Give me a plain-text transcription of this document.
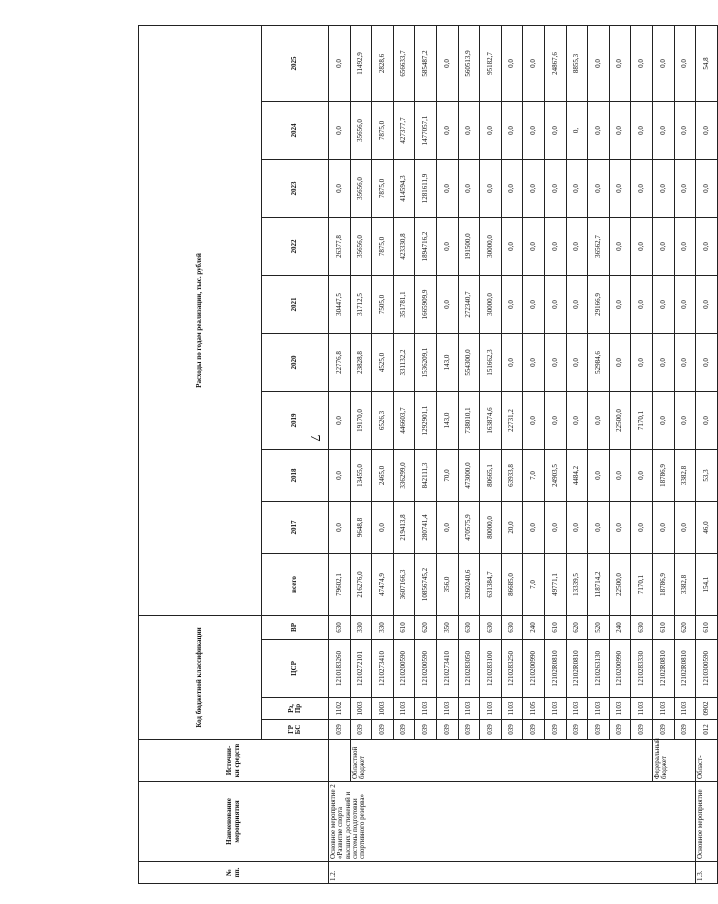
7
№ пп.	Наименование мероприятия	Источни-ки средств	Код бюджетной классификации				Расходы по годам реализации, тыс. рублей									
			ГР БС	Рз, Пр	ЦСР	ВР	всего	2017	2018	2019	2020	2021	2022	2023	2024	2025
1.2.	Основное мероприятие 2 «Развитие спорта высших достижений и системы подготовки спортивного резерва»		039	1102	1210183260	630	79602,1	0,0	0,0	0,0	22776,8	30447,5	26377,8	0,0	0,0	0,0
		Областной бюджет	039	1003	1210272101	330	216276,0	9648,8	13455,0	19170,0	23828,8	31712,5	35656,0	35656,0	35656,0	11492,9
			039	1003	1210273410	330	47474,9	0,0	2465,0	6526,3	4525,0	7505,0	7875,0	7875,0	7875,0	2828,6
			039	1103	1210200590	610	3607166,3	219413,8	336299,0	446603,7	331132,2	351781,1	423330,8	414594,3	427377,7	656633,7
			039	1103	1210200590	620	10856745,2	280741,4	842111,3	1292901,1	1536209,1	1665909,9	1894716,2	1281611,9	1477057,1	585487,2
			039	1103	1210273410	350	356,0	0,0	70,0	143,0	143,0	0,0	0,0	0,0	0,0	0,0
			039	1103	1210283050	630	3260240,6	470575,9	473000,0	738010,1	554300,0	272340,7	191500,0	0,0	0,0	560513,9
			039	1103	1210283100	630	631384,7	80000,0	80665,1	163874,6	151662,3	30000,0	30000,0	0,0	0,0	95182,7
			039	1103	1210283250	630	86685,0	20,0	63933,8	22731,2	0,0	0,0	0,0	0,0	0,0	0,0
			039	1105	1210200990	240	7,0	0,0	7,0	0,0	0,0	0,0	0,0	0,0	0,0	0,0
			039	1103	12102R0810	610	49771,1	0,0	24903,5	0,0	0,0	0,0	0,0	0,0	0,0	24867,6
			039	1103	12102R0810	620	13339,5	0,0	4484,2	0,0	0,0	0,0	0,0	0,0	0,	8855,3
			039	1103	1210263130	520	118714,2	0,0	0,0	0,0	52984,6	29166,9	36562,7	0,0	0,0	0,0
			039	1103	1210200990	240	22500,0	0,0	0,0	22500,0	0,0	0,0	0,0	0,0	0,0	0,0
			039	1103	1210283330	630	7170,1	0,0	0,0	7170,1	0,0	0,0	0,0	0,0	0,0	0,0
		Федеральный бюджет	039	1103	12102R0810	610	18786,9	0,0	18786,9	0,0	0,0	0,0	0,0	0,0	0,0	0,0
			039	1103	12102R0810	620	3382,8	0,0	3382,8	0,0	0,0	0,0	0,0	0,0	0,0	0,0
1.3.	Основное мероприятие	Област-	012	0902	1210300590	610	154,1	46,0	53,3	0,0	0,0	0,0	0,0	0,0	0,0	54,8
